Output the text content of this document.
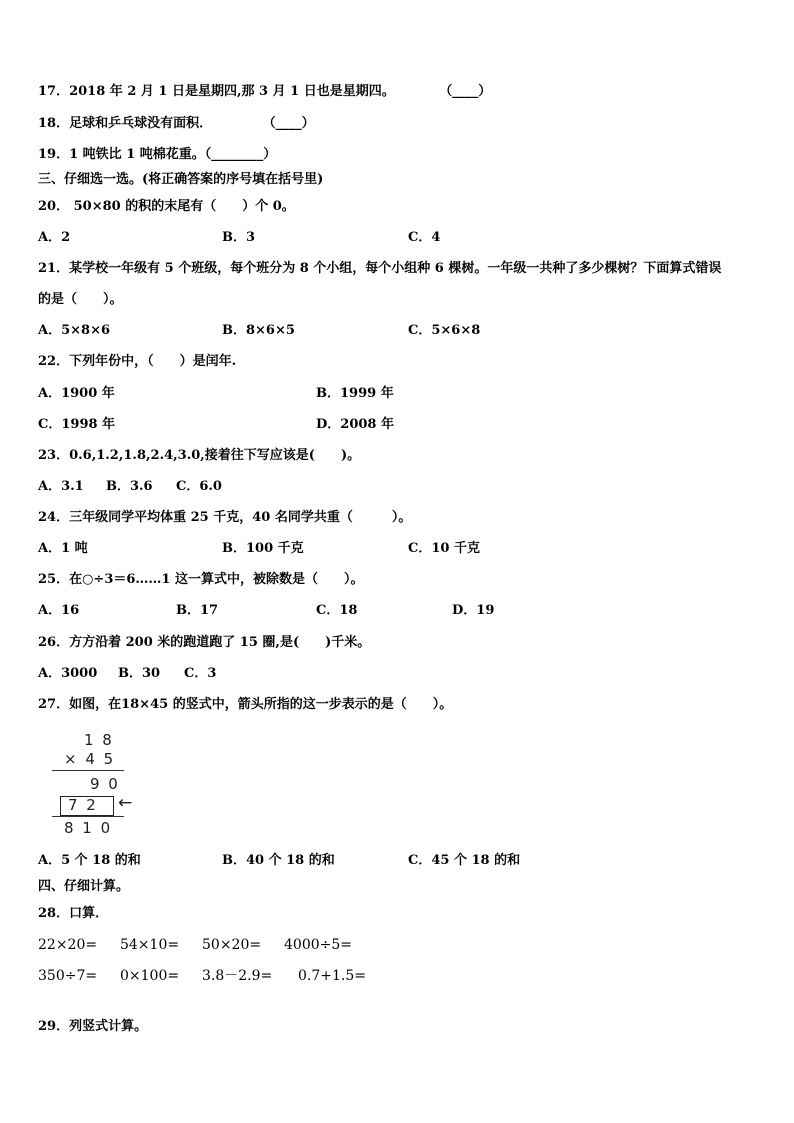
17．2018 年 2 月 1 日是星期四,那 3 月 1 日也是星期四。	（____）
18．足球和乒乓球没有面积．	（____）
19．1 吨铁比 1 吨棉花重。（________）
三、仔细选一选。(将正确答案的序号填在括号里)
20． 50×80 的积的末尾有（　　）个 0。
A．2	B．3	C．4
21．某学校一年级有 5 个班级，每个班分为 8 个小组，每个小组种 6 棵树。一年级一共种了多少棵树？下面算式错误
的是（　　）。
A．5×8×6	B．8×6×5	C．5×6×8
22．下列年份中，（　　）是闰年.
A．1900 年	B．1999 年
C．1998 年	D．2008 年
23．0.6,1.2,1.8,2.4,3.0,接着往下写应该是(　　)。
A．3.1 B．3.6 C．6.0
24．三年级同学平均体重 25 千克，40 名同学共重（　　　）。
A．1 吨	B．100 千克	C．10 千克
25．在○÷3＝6……1 这一算式中，被除数是（　　）。
A．16	B．17	C．18	D．19
26．方方沿着 200 米的跑道跑了 15 圈,是(　　)千米。
A．3000 B．30 C．3
27．如图，在18×45 的竖式中，箭头所指的这一步表示的是（　　）。
1 8
× 4 5
9 0
7 2 ←
8 1 0
A．5 个 18 的和	B．40 个 18 的和	C．45 个 18 的和
四、仔细计算。
28．口算．
22×20= 54×10= 50×20= 4000÷5=
350÷7= 0×100= 3.8－2.9= 0.7+1.5=
29．列竖式计算。
